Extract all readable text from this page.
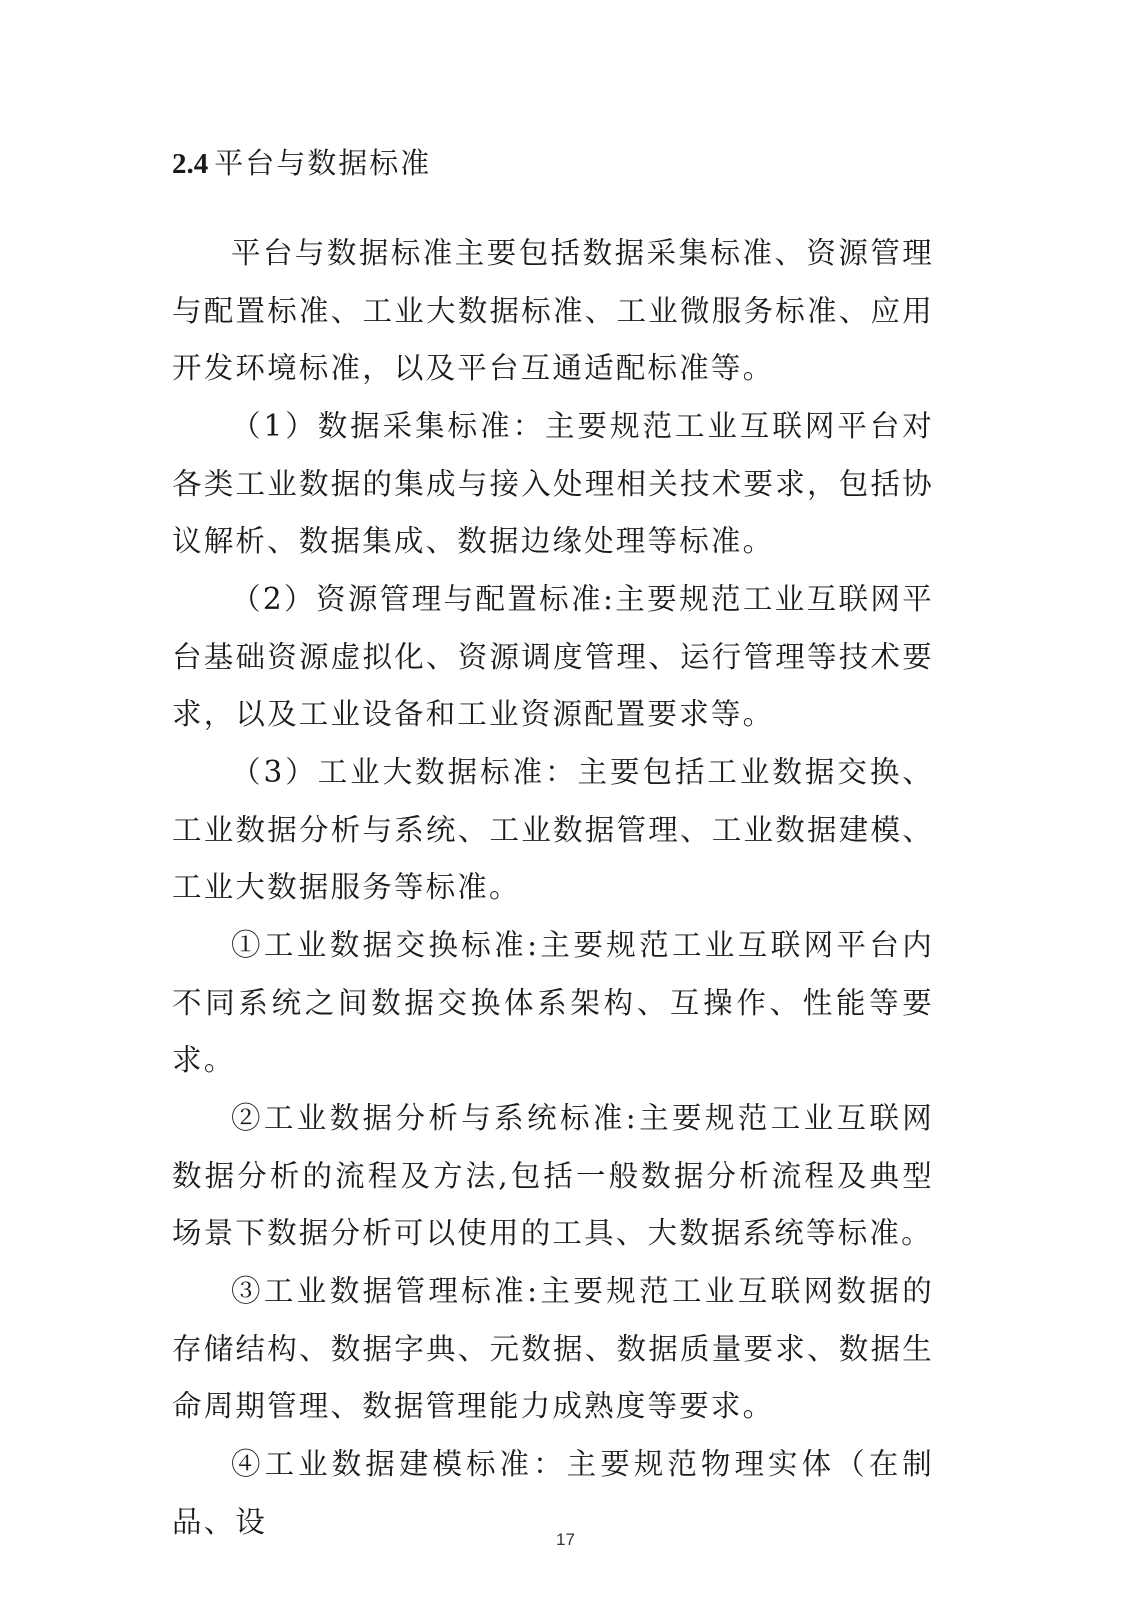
2.4 平台与数据标准

平台与数据标准主要包括数据采集标准、资源管理与配置标准、工业大数据标准、工业微服务标准、应用开发环境标准，以及平台互通适配标准等。

（1）数据采集标准：主要规范工业互联网平台对各类工业数据的集成与接入处理相关技术要求，包括协议解析、数据集成、数据边缘处理等标准。

（2）资源管理与配置标准:主要规范工业互联网平台基础资源虚拟化、资源调度管理、运行管理等技术要求，以及工业设备和工业资源配置要求等。

（3）工业大数据标准：主要包括工业数据交换、工业数据分析与系统、工业数据管理、工业数据建模、工业大数据服务等标准。

①工业数据交换标准:主要规范工业互联网平台内不同系统之间数据交换体系架构、互操作、性能等要求。

②工业数据分析与系统标准:主要规范工业互联网数据分析的流程及方法,包括一般数据分析流程及典型场景下数据分析可以使用的工具、大数据系统等标准。

③工业数据管理标准:主要规范工业互联网数据的存储结构、数据字典、元数据、数据质量要求、数据生命周期管理、数据管理能力成熟度等要求。

④工业数据建模标准：主要规范物理实体（在制品、设

17
